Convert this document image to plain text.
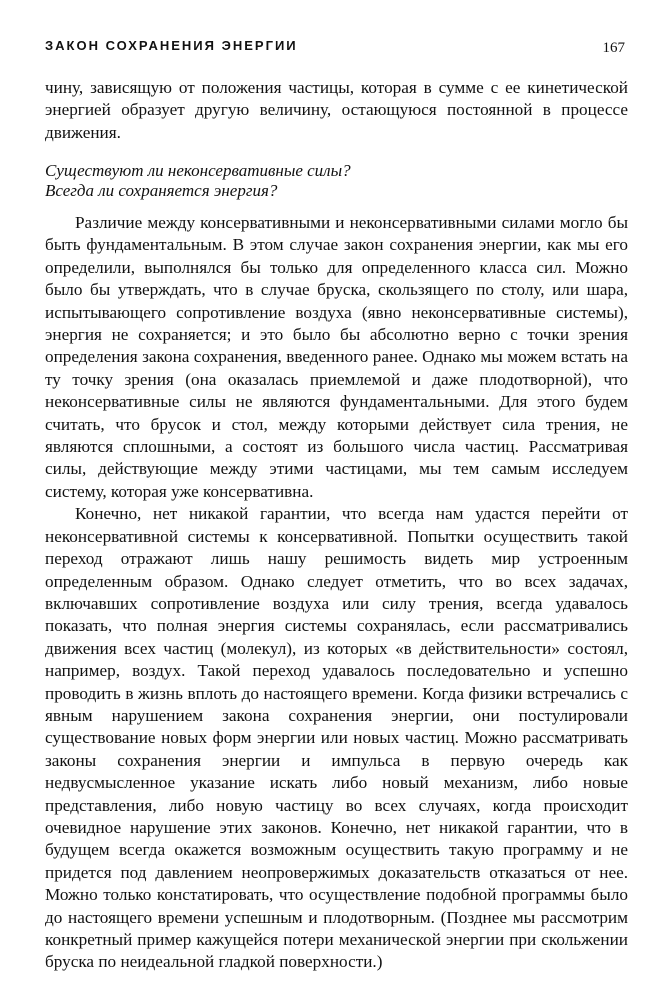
ЗАКОН СОХРАНЕНИЯ ЭНЕРГИИ	167

чину, зависящую от положения частицы, которая в сумме с ее кинетической энергией образует другую величину, остающуюся постоянной в процессе движения.

Существуют ли неконсервативные силы?
Всегда ли сохраняется энергия?

Различие между консервативными и неконсервативными силами могло бы быть фундаментальным. В этом случае закон сохранения энергии, как мы его определили, выполнялся бы только для определенного класса сил. Можно было бы утверждать, что в случае бруска, скользящего по столу, или шара, испытывающего сопротивление воздуха (явно неконсервативные системы), энергия не сохраняется; и это было бы абсолютно верно с точки зрения определения закона сохранения, введенного ранее. Однако мы можем встать на ту точку зрения (она оказалась приемлемой и даже плодотворной), что неконсервативные силы не являются фундаментальными. Для этого будем считать, что брусок и стол, между которыми действует сила трения, не являются сплошными, а состоят из большого числа частиц. Рассматривая силы, действующие между этими частицами, мы тем самым исследуем систему, которая уже консервативна.

Конечно, нет никакой гарантии, что всегда нам удастся перейти от неконсервативной системы к консервативной. Попытки осуществить такой переход отражают лишь нашу решимость видеть мир устроенным определенным образом. Однако следует отметить, что во всех задачах, включавших сопротивление воздуха или силу трения, всегда удавалось показать, что полная энергия системы сохранялась, если рассматривались движения всех частиц (молекул), из которых «в действительности» состоял, например, воздух. Такой переход удавалось последовательно и успешно проводить в жизнь вплоть до настоящего времени. Когда физики встречались с явным нарушением закона сохранения энергии, они постулировали существование новых форм энергии или новых частиц. Можно рассматривать законы сохранения энергии и импульса в первую очередь как недвусмысленное указание искать либо новый механизм, либо новые представления, либо новую частицу во всех случаях, когда происходит очевидное нарушение этих законов. Конечно, нет никакой гарантии, что в будущем всегда окажется возможным осуществить такую программу и не придется под давлением неопровержимых доказательств отказаться от нее. Можно только констатировать, что осуществление подобной программы было до настоящего времени успешным и плодотворным. (Позднее мы рассмотрим конкретный пример кажущейся потери механической энергии при скольжении бруска по неидеальной гладкой поверхности.)
